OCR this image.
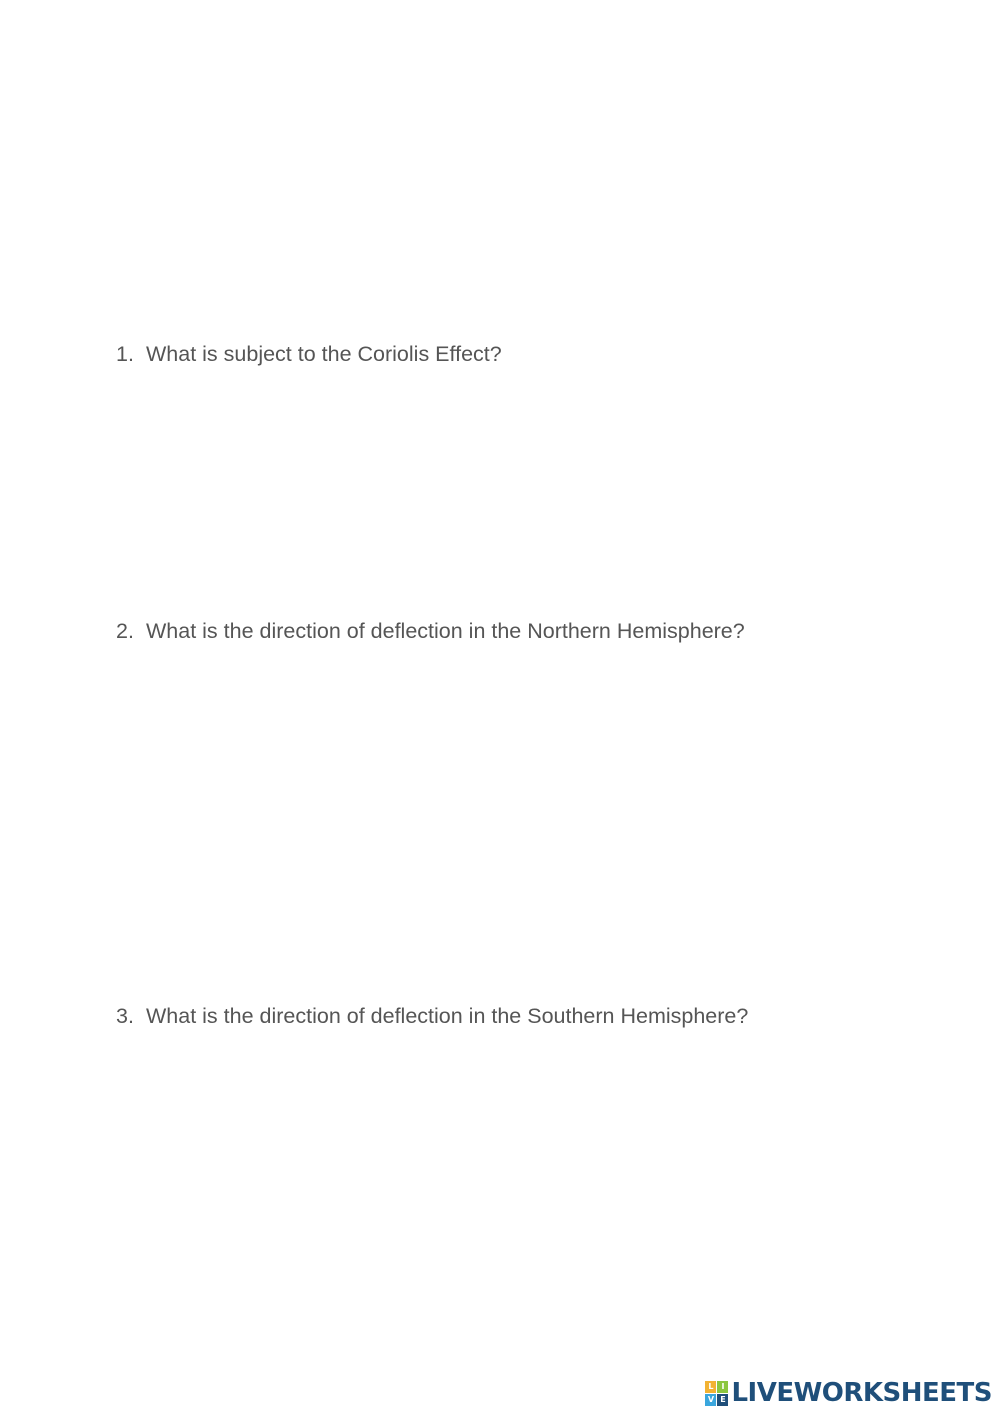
1. What is subject to the Coriolis Effect?
2. What is the direction of deflection in the Northern Hemisphere?
3. What is the direction of deflection in the Southern Hemisphere?
L I
V E LIVEWORKSHEETS
